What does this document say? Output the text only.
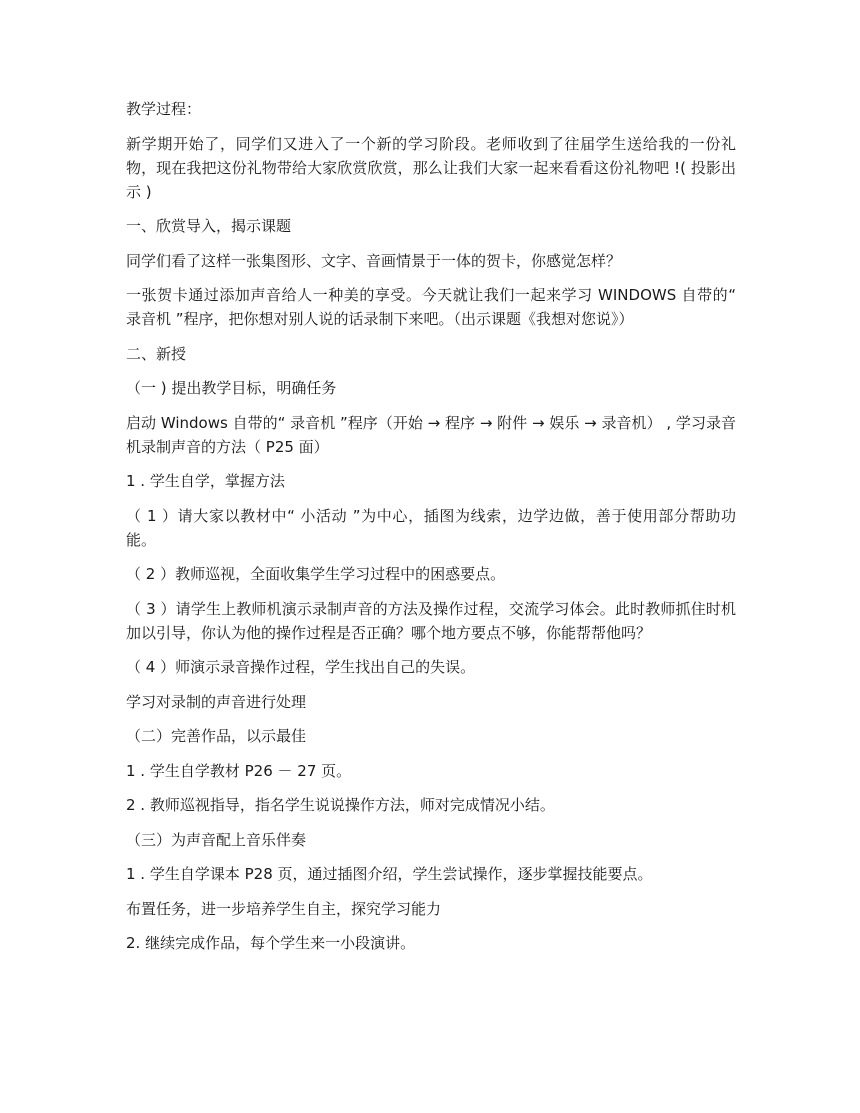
教学过程：

新学期开始了，同学们又进入了一个新的学习阶段。老师收到了往届学生送给我的一份礼物，现在我把这份礼物带给大家欣赏欣赏，那么让我们大家一起来看看这份礼物吧 !( 投影出示 )

一、欣赏导入，揭示课题

同学们看了这样一张集图形、文字、音画情景于一体的贺卡，你感觉怎样？

一张贺卡通过添加声音给人一种美的享受。今天就让我们一起来学习 WINDOWS 自带的“ 录音机 ”程序，把你想对别人说的话录制下来吧。（出示课题《我想对您说》）

二、新授

（一 ) 提出教学目标，明确任务

启动 Windows 自带的“ 录音机 ”程序（开始 → 程序 → 附件 → 娱乐 → 录音机） , 学习录音机录制声音的方法（ P25 面）

1 . 学生自学，掌握方法

（ 1 ）请大家以教材中“ 小活动 ”为中心，插图为线索，边学边做，善于使用部分帮助功能。

（ 2 ）教师巡视，全面收集学生学习过程中的困惑要点。

（ 3 ）请学生上教师机演示录制声音的方法及操作过程，交流学习体会。此时教师抓住时机加以引导，你认为他的操作过程是否正确？哪个地方要点不够，你能帮帮他吗？

（ 4 ）师演示录音操作过程，学生找出自己的失误。

学习对录制的声音进行处理

（二）完善作品，以示最佳

1 . 学生自学教材 P26 － 27 页。

2 . 教师巡视指导，指名学生说说操作方法，师对完成情况小结。

（三）为声音配上音乐伴奏

1 . 学生自学课本 P28 页，通过插图介绍，学生尝试操作，逐步掌握技能要点。

布置任务，进一步培养学生自主，探究学习能力

2. 继续完成作品，每个学生来一小段演讲。
